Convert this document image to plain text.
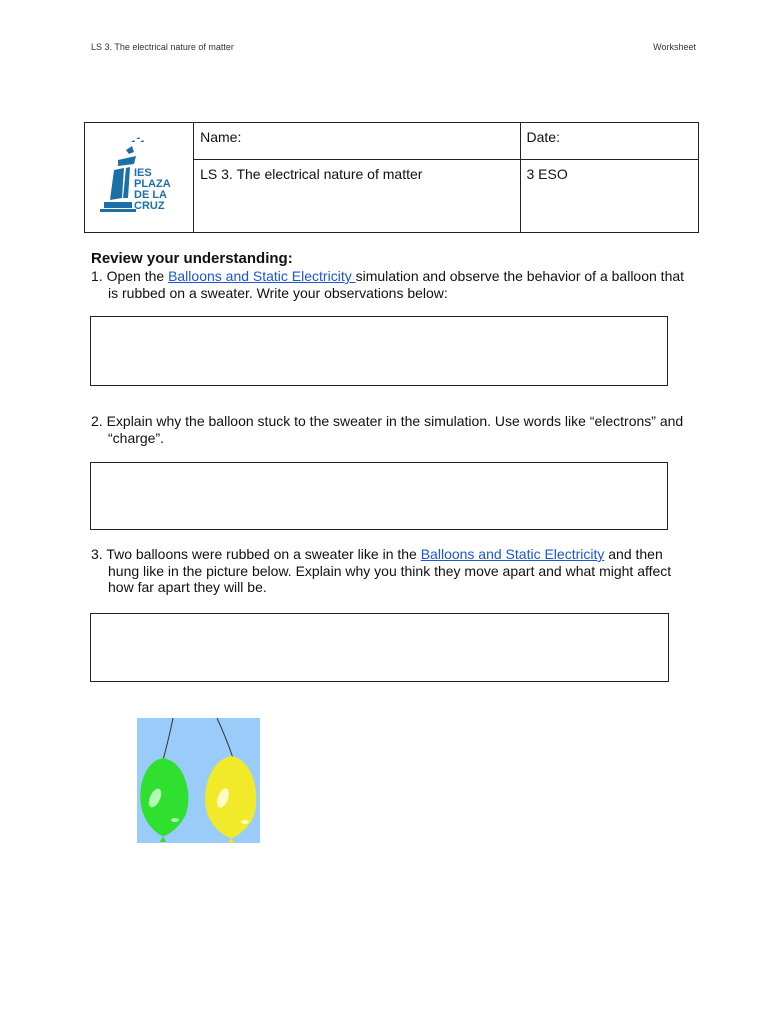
LS 3. The electrical nature of matter	Worksheet
IES
PLAZA
DE LA
CRUZ	Name:	Date:
	LS 3. The electrical nature of matter	3 ESO
Review your understanding:

1. Open the Balloons and Static Electricity simulation and observe the behavior of a balloon that is rubbed on a sweater. Write your observations below:

2. Explain why the balloon stuck to the sweater in the simulation. Use words like “electrons” and “charge”.

3. Two balloons were rubbed on a sweater like in the Balloons and Static Electricity and then hung like in the picture below. Explain why you think they move apart and what might affect how far apart they will be.
